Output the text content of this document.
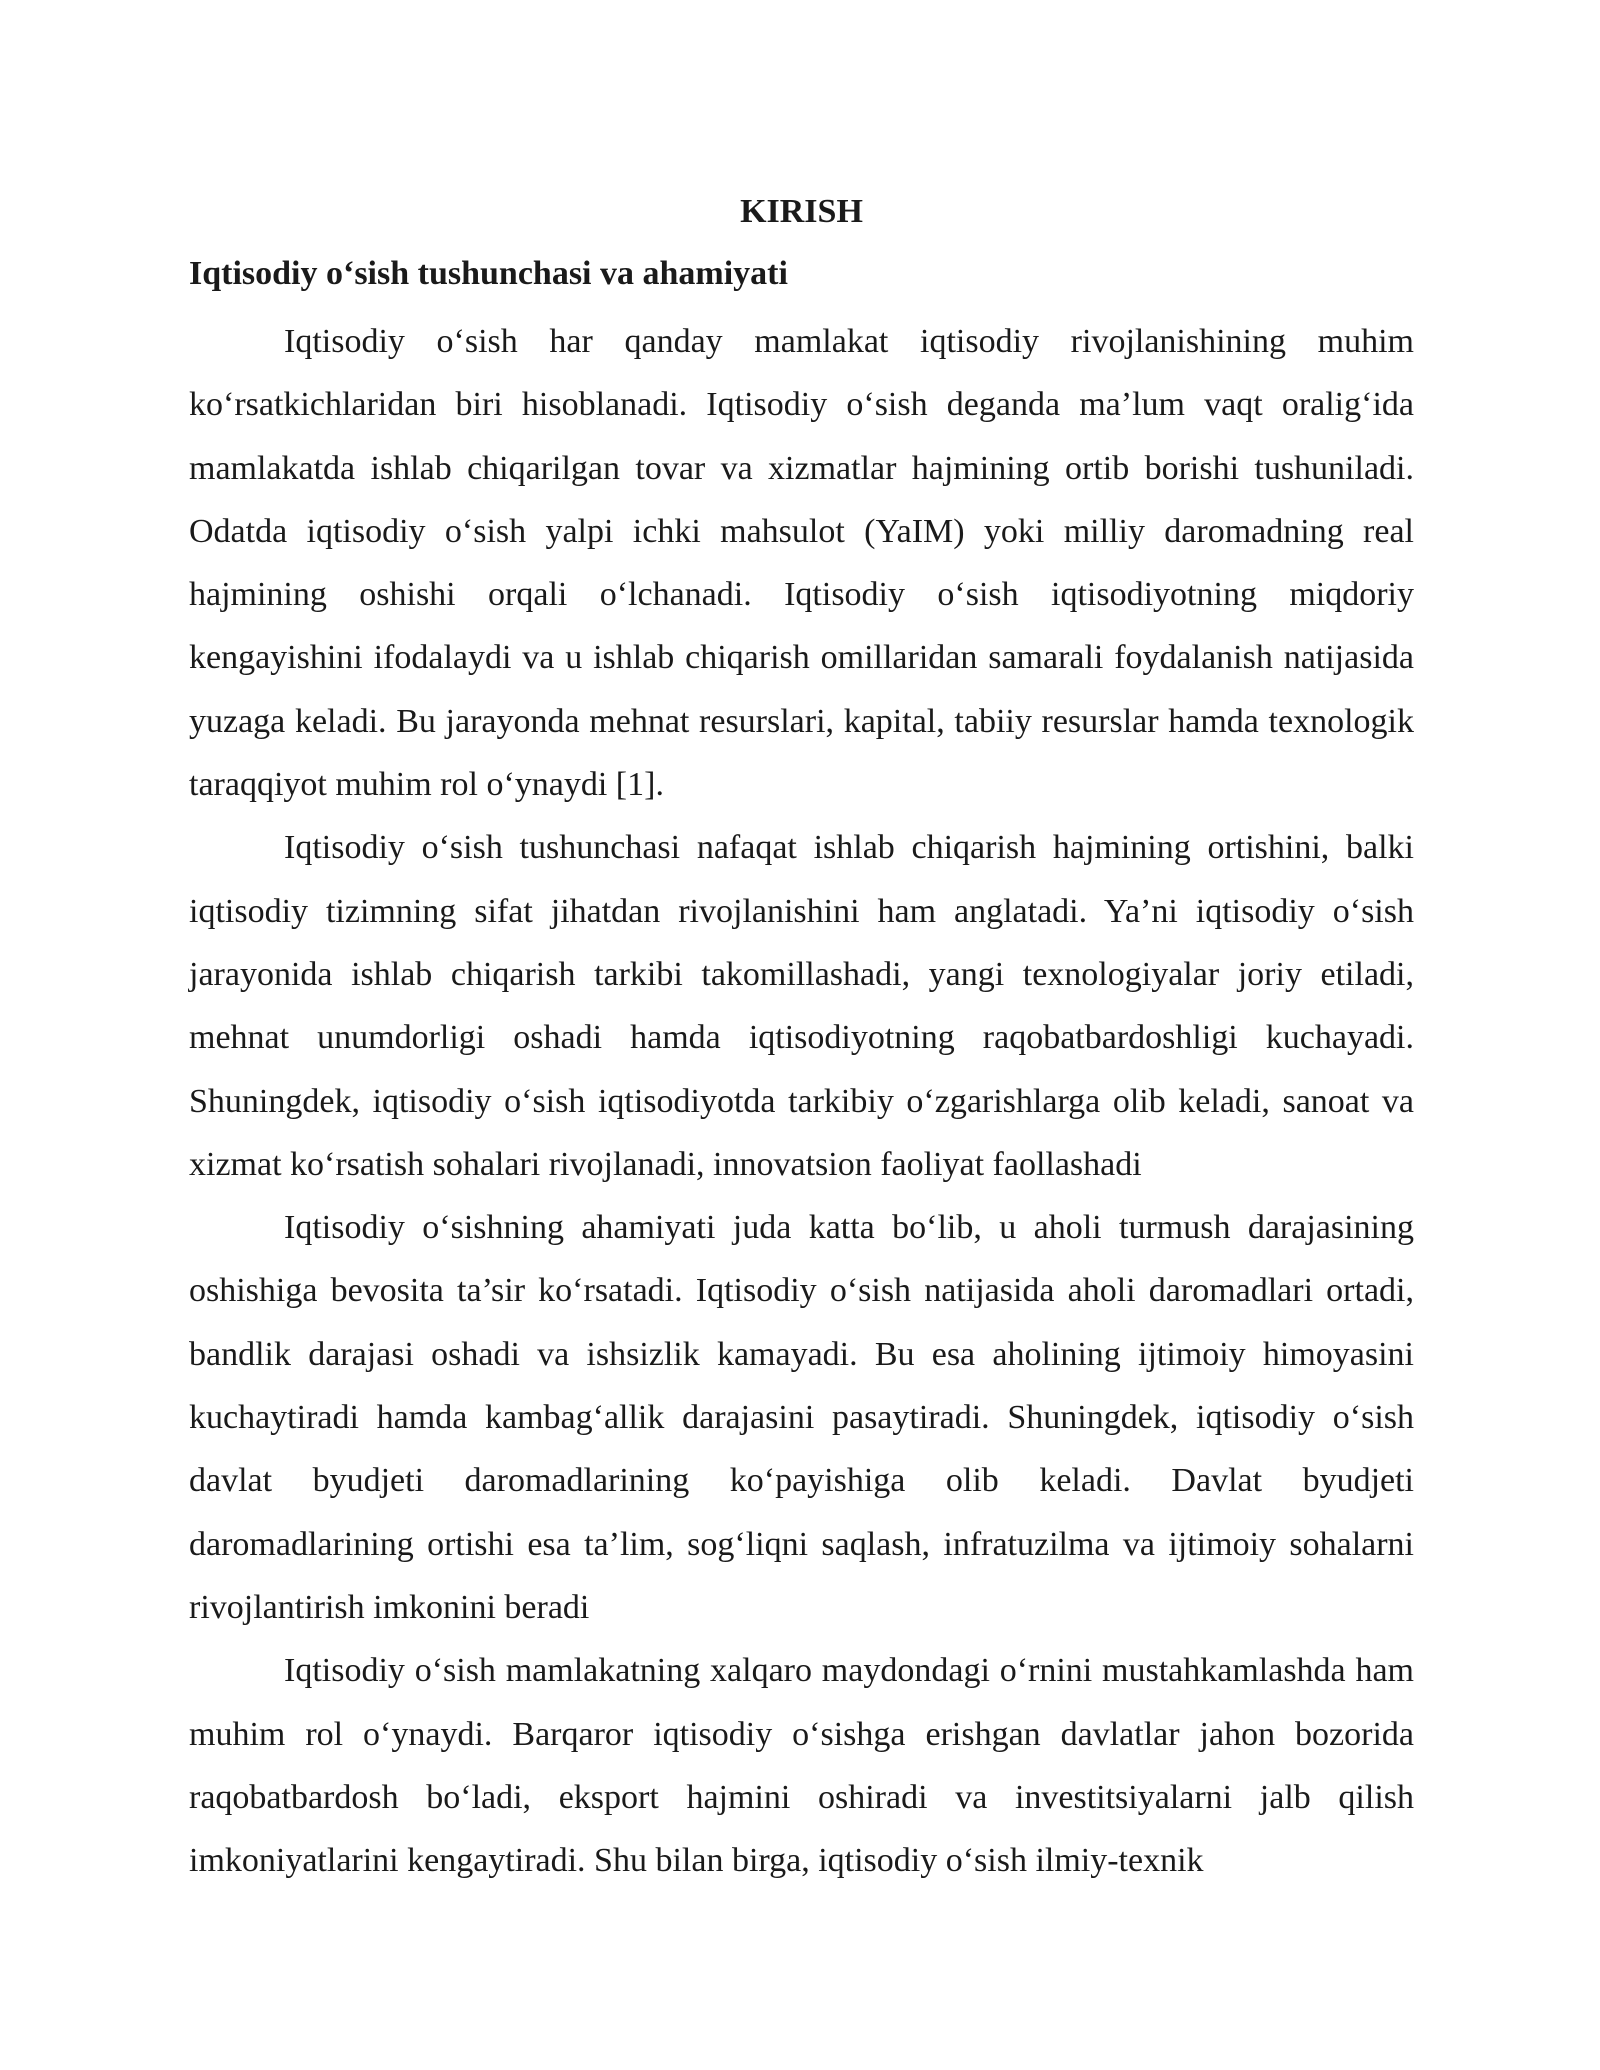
KIRISH
Iqtisodiy o‘sish tushunchasi va ahamiyati

Iqtisodiy o‘sish har qanday mamlakat iqtisodiy rivojlanishining muhim ko‘rsatkichlaridan biri hisoblanadi. Iqtisodiy o‘sish deganda ma’lum vaqt oralig‘ida mamlakatda ishlab chiqarilgan tovar va xizmatlar hajmining ortib borishi tushuniladi. Odatda iqtisodiy o‘sish yalpi ichki mahsulot (YaIM) yoki milliy daromadning real hajmining oshishi orqali o‘lchanadi. Iqtisodiy o‘sish iqtisodiyotning miqdoriy kengayishini ifodalaydi va u ishlab chiqarish omillaridan samarali foydalanish natijasida yuzaga keladi. Bu jarayonda mehnat resurslari, kapital, tabiiy resurslar hamda texnologik taraqqiyot muhim rol o‘ynaydi [1].

Iqtisodiy o‘sish tushunchasi nafaqat ishlab chiqarish hajmining ortishini, balki iqtisodiy tizimning sifat jihatdan rivojlanishini ham anglatadi. Ya’ni iqtisodiy o‘sish jarayonida ishlab chiqarish tarkibi takomillashadi, yangi texnologiyalar joriy etiladi, mehnat unumdorligi oshadi hamda iqtisodiyotning raqobatbardoshligi kuchayadi. Shuningdek, iqtisodiy o‘sish iqtisodiyotda tarkibiy o‘zgarishlarga olib keladi, sanoat va xizmat ko‘rsatish sohalari rivojlanadi, innovatsion faoliyat faollashadi

Iqtisodiy o‘sishning ahamiyati juda katta bo‘lib, u aholi turmush darajasining oshishiga bevosita ta’sir ko‘rsatadi. Iqtisodiy o‘sish natijasida aholi daromadlari ortadi, bandlik darajasi oshadi va ishsizlik kamayadi. Bu esa aholining ijtimoiy himoyasini kuchaytiradi hamda kambag‘allik darajasini pasaytiradi. Shuningdek, iqtisodiy o‘sish davlat byudjeti daromadlarining ko‘payishiga olib keladi. Davlat byudjeti daromadlarining ortishi esa ta’lim, sog‘liqni saqlash, infratuzilma va ijtimoiy sohalarni rivojlantirish imkonini beradi

Iqtisodiy o‘sish mamlakatning xalqaro maydondagi o‘rnini mustahkamlashda ham muhim rol o‘ynaydi. Barqaror iqtisodiy o‘sishga erishgan davlatlar jahon bozorida raqobatbardosh bo‘ladi, eksport hajmini oshiradi va investitsiyalarni jalb qilish imkoniyatlarini kengaytiradi. Shu bilan birga, iqtisodiy o‘sish ilmiy-texnik
